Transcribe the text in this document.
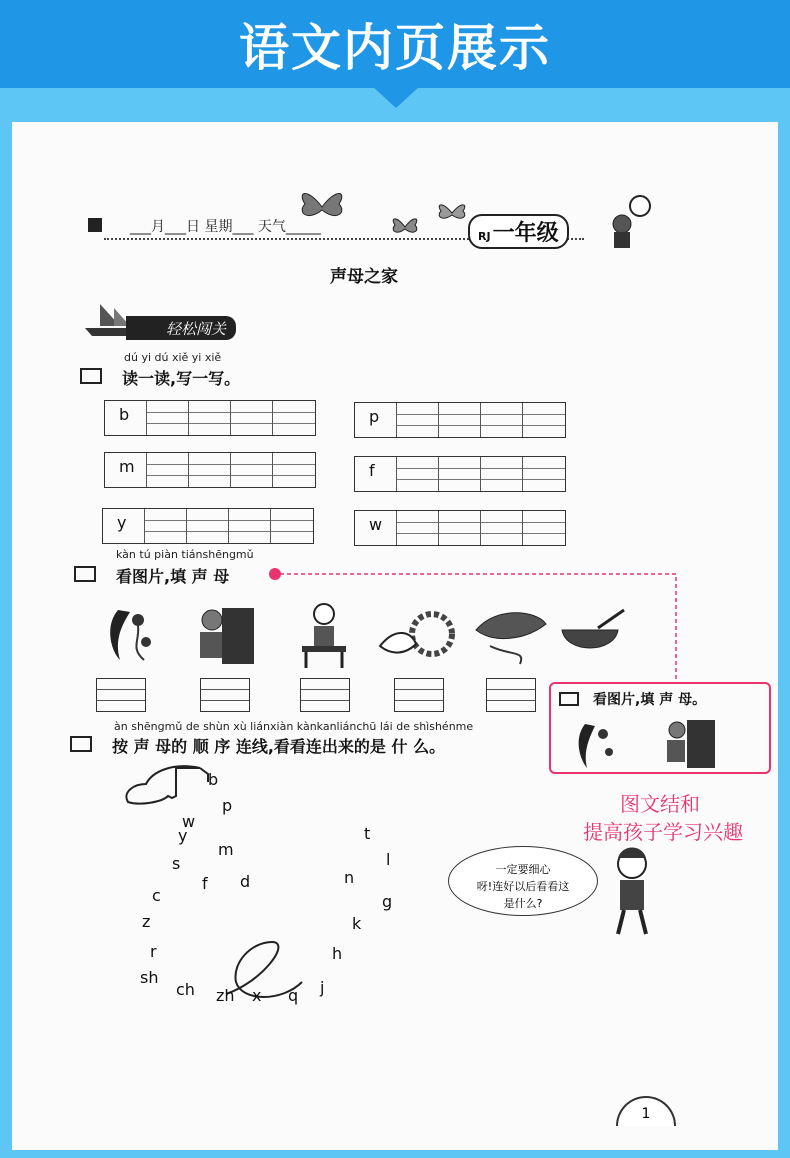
语文内页展示
___月___日 星期___ 天气_____
RJ一年级
声母之家
轻松闯关
dú yi dú xiě yi xiě
读一读,写一写。
b	p
m	f
y	w
kàn tú piàn tiánshēngmǔ
看图片,填 声 母
看图片,填 声 母。
图文结和
提高孩子学习兴趣
àn shēngmǔ de shùn xù liánxiàn kànkanliánchū lái de shìshénme
按 声 母的 顺 序 连线,看看连出来的是 什 么。
b
p
w
y
m
t
s	l
n
f d
c	g
z	k
r	h
sh
ch zh x q j
一定要细心
呀!连好以后看看这
是什么?
1
